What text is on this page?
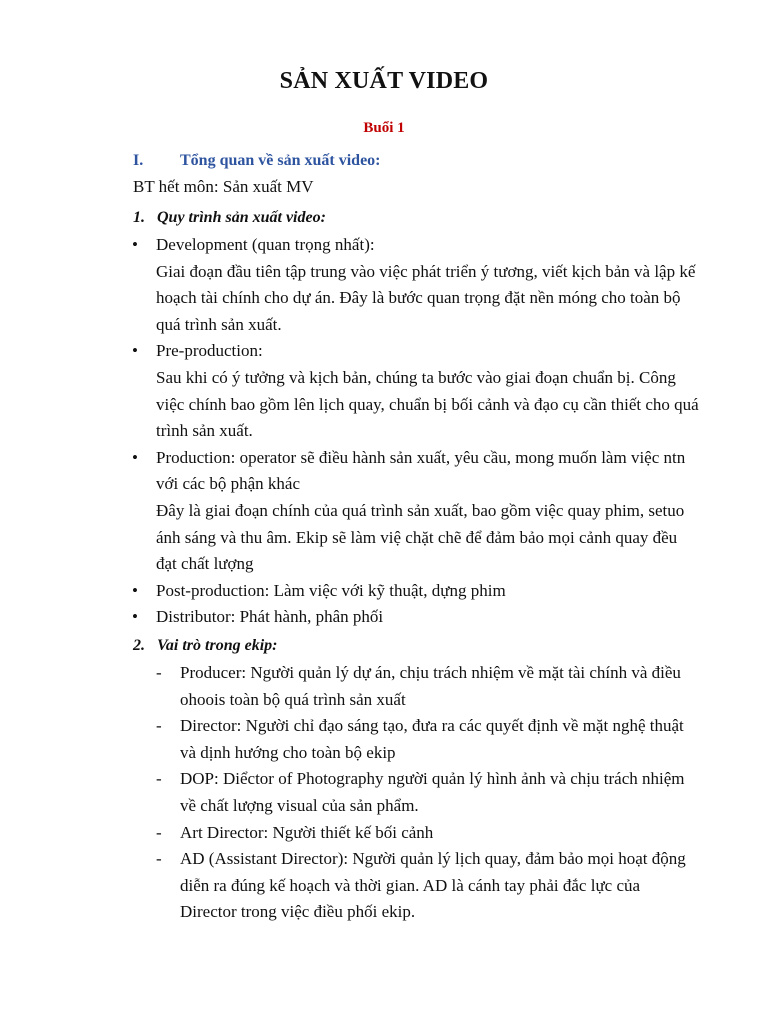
SẢN XUẤT VIDEO
Buổi 1
I. Tổng quan về sản xuất video:
BT hết môn: Sản xuất MV
1. Quy trình sản xuất video:
• Development (quan trọng nhất):

Giai đoạn đầu tiên tập trung vào việc phát triển ý tương, viết kịch bản và lập kế hoạch tài chính cho dự án. Đây là bước quan trọng đặt nền móng cho toàn bộ quá trình sản xuất.

• Pre-production:

Sau khi có ý tưởng và kịch bản, chúng ta bước vào giai đoạn chuẩn bị. Công việc chính bao gồm lên lịch quay, chuẩn bị bối cảnh và đạo cụ cần thiết cho quá trình sản xuất.

• Production: operator sẽ điều hành sản xuất, yêu cầu, mong muốn làm việc ntn với các bộ phận khác

Đây là giai đoạn chính của quá trình sản xuất, bao gồm việc quay phim, setuo ánh sáng và thu âm. Ekip sẽ làm việ chặt chẽ để đảm bảo mọi cảnh quay đều đạt chất lượng

• Post-production: Làm việc với kỹ thuật, dựng phim

• Distributor: Phát hành, phân phối

2. Vai trò trong ekip:
- Producer: Người quản lý dự án, chịu trách nhiệm về mặt tài chính và điều ohoois toàn bộ quá trình sản xuất

- Director: Người chỉ đạo sáng tạo, đưa ra các quyết định về mặt nghệ thuật và dịnh hướng cho toàn bộ ekip

- DOP: Diểctor of Photography người quản lý hình ảnh và chịu trách nhiệm về chất lượng visual của sản phẩm.

- Art Director: Người thiết kế bối cảnh

- AD (Assistant Director): Người quản lý lịch quay, đảm bảo mọi hoạt động diễn ra đúng kế hoạch và thời gian. AD là cánh tay phải đắc lực của Director trong việc điều phối ekip.
